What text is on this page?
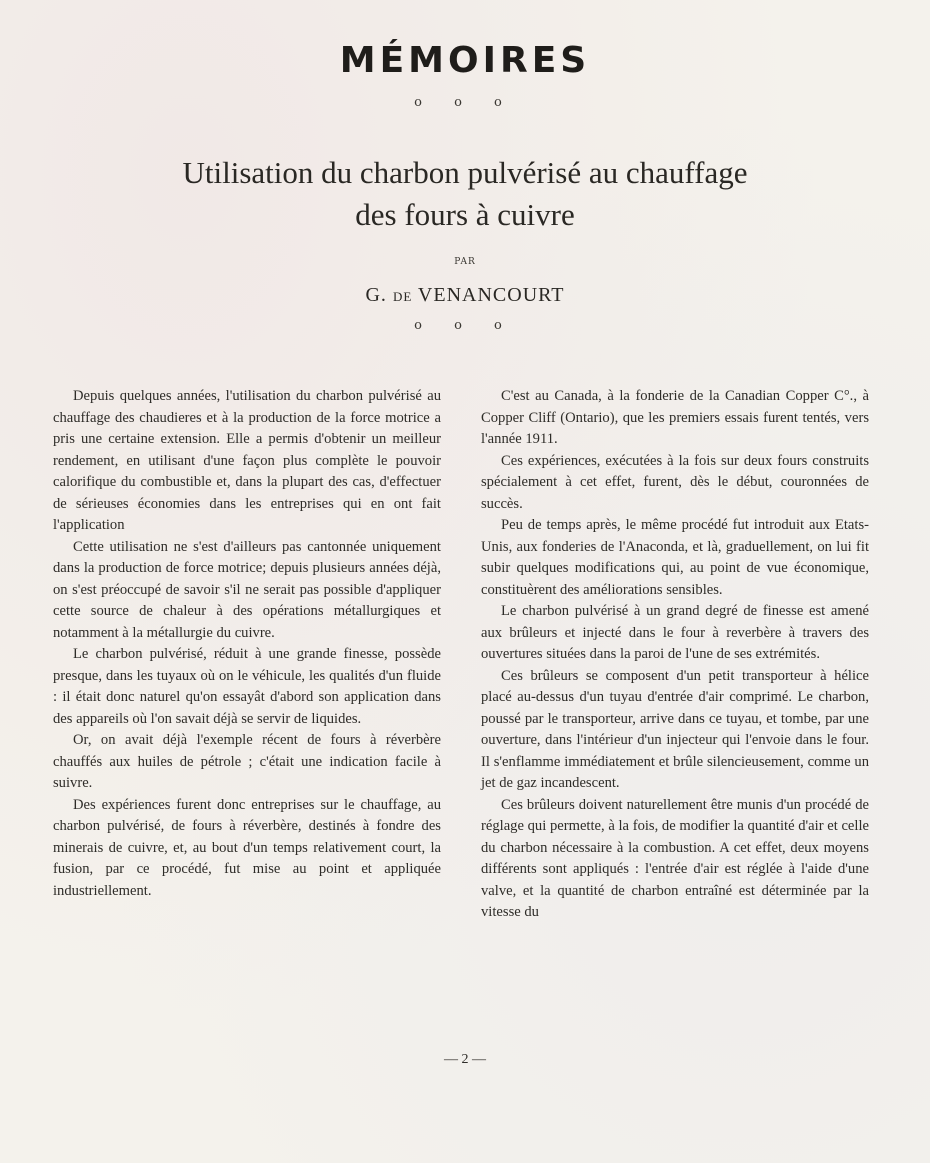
MÉMOIRES
o o o
Utilisation du charbon pulvérisé au chauffage
des fours à cuivre
PAR
G. DE VENANCOURT
o o o

Depuis quelques années, l'utilisation du charbon pulvérisé au chauffage des chaudieres et à la production de la force motrice a pris une certaine extension. Elle a permis d'obtenir un meilleur rendement, en utilisant d'une façon plus complète le pouvoir calorifique du combustible et, dans la plupart des cas, d'effectuer de sérieuses économies dans les entreprises qui en ont fait l'application

Cette utilisation ne s'est d'ailleurs pas cantonnée uniquement dans la production de force motrice; depuis plusieurs années déjà, on s'est préoccupé de savoir s'il ne serait pas possible d'appliquer cette source de chaleur à des opérations métallurgiques et notamment à la métallurgie du cuivre.

Le charbon pulvérisé, réduit à une grande finesse, possède presque, dans les tuyaux où on le véhicule, les qualités d'un fluide : il était donc naturel qu'on essayât d'abord son application dans des appareils où l'on savait déjà se servir de liquides.

Or, on avait déjà l'exemple récent de fours à réverbère chauffés aux huiles de pétrole ; c'était une indication facile à suivre.

Des expériences furent donc entreprises sur le chauffage, au charbon pulvérisé, de fours à réverbère, destinés à fondre des minerais de cuivre, et, au bout d'un temps relativement court, la fusion, par ce procédé, fut mise au point et appliquée industriellement.

C'est au Canada, à la fonderie de la Canadian Copper C°., à Copper Cliff (Ontario), que les premiers essais furent tentés, vers l'année 1911.

Ces expériences, exécutées à la fois sur deux fours construits spécialement à cet effet, furent, dès le début, couronnées de succès.

Peu de temps après, le même procédé fut introduit aux Etats-Unis, aux fonderies de l'Anaconda, et là, graduellement, on lui fit subir quelques modifications qui, au point de vue économique, constituèrent des améliorations sensibles.

Le charbon pulvérisé à un grand degré de finesse est amené aux brûleurs et injecté dans le four à reverbère à travers des ouvertures situées dans la paroi de l'une de ses extrémités.

Ces brûleurs se composent d'un petit transporteur à hélice placé au-dessus d'un tuyau d'entrée d'air comprimé. Le charbon, poussé par le transporteur, arrive dans ce tuyau, et tombe, par une ouverture, dans l'intérieur d'un injecteur qui l'envoie dans le four. Il s'enflamme immédiatement et brûle silencieusement, comme un jet de gaz incandescent.

Ces brûleurs doivent naturellement être munis d'un procédé de réglage qui permette, à la fois, de modifier la quantité d'air et celle du charbon nécessaire à la combustion. A cet effet, deux moyens différents sont appliqués : l'entrée d'air est réglée à l'aide d'une valve, et la quantité de charbon entraîné est déterminée par la vitesse du

— 2 —
